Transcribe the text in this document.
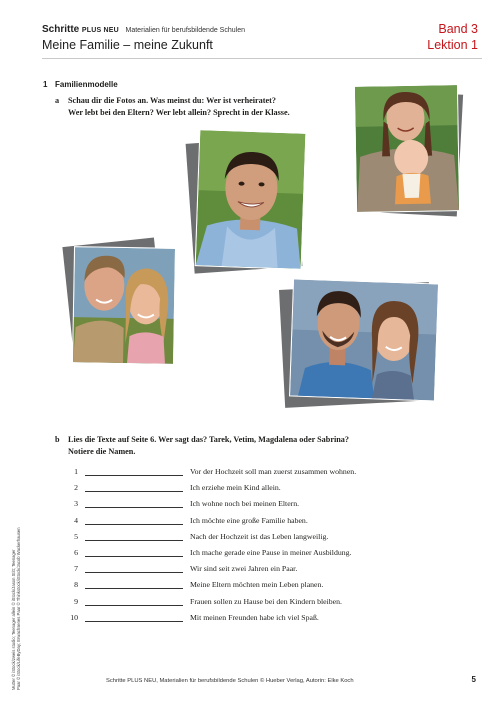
Schritte PLUS NEU Materialien für berufsbildende Schulen
Meine Familie – meine Zukunft
Band 3
Lektion 1
1 Familienmodelle
a Schau dir die Fotos an. Was meinst du: Wer ist verheiratet?
Wer lebt bei den Eltern? Wer lebt allein? Sprecht in der Klasse.
b Lies die Texte auf Seite 6. Wer sagt das? Tarek, Vetim, Magdalena oder Sabrina?
Notiere die Namen.
1	Vor der Hochzeit soll man zuerst zusammen wohnen.
2	Ich erziehe mein Kind allein.
3	Ich wohne noch bei meinen Eltern.
4	Ich möchte eine große Familie haben.
5	Nach der Hochzeit ist das Leben langweilig.
6	Ich mache gerade eine Pause in meiner Ausbildung.
7	Wir sind seit zwei Jahren ein Paar.
8	Meine Eltern möchten mein Leben planen.
9	Frauen sollen zu Hause bei den Kindern bleiben.
10	Mit meinen Freunden habe ich viel Spaß.
Mutter © iStock/zweis studio; Teenager allein © iStock/Jason Stitt; Teenager Paar © iStock/LifeByDay; Erwachsenes Paar © Thinkstock/iStock/Jacob Wackerhausen	Schritte PLUS NEU, Materialien für berufsbildende Schulen © Hueber Verlag, Autorin: Elke Koch	5
